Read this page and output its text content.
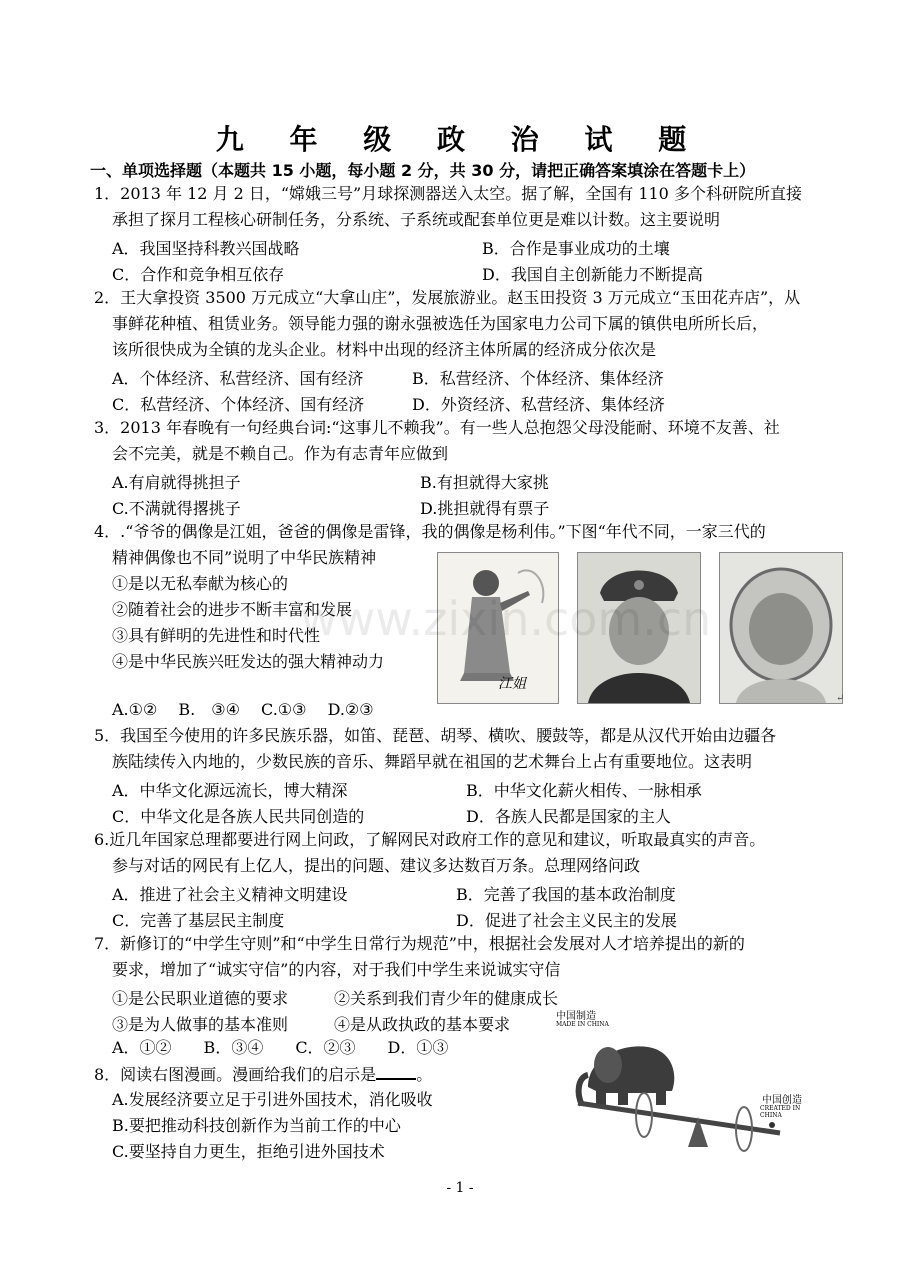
九 年 级 政 治 试 题
一、单项选择题（本题共 15 小题，每小题 2 分，共 30 分，请把正确答案填涂在答题卡上）
1．2013 年 12 月 2 日，“嫦娥三号”月球探测器送入太空。据了解，全国有 110 多个科研院所直接
承担了探月工程核心研制任务，分系统、子系统或配套单位更是难以计数。这主要说明
A．我国坚持科教兴国战略	B．合作是事业成功的土壤
C．合作和竞争相互依存	D．我国自主创新能力不断提高
2．王大拿投资 3500 万元成立“大拿山庄”，发展旅游业。赵玉田投资 3 万元成立“玉田花卉店”，从
事鲜花种植、租赁业务。领导能力强的谢永强被选任为国家电力公司下属的镇供电所所长后，
该所很快成为全镇的龙头企业。材料中出现的经济主体所属的经济成分依次是
A．个体经济、私营经济、国有经济	B．私营经济、个体经济、集体经济
C．私营经济、个体经济、国有经济	D．外资经济、私营经济、集体经济
3．2013 年春晚有一句经典台词:“这事儿不赖我”。有一些人总抱怨父母没能耐、环境不友善、社
会不完美，就是不赖自己。作为有志青年应做到
A.有肩就得挑担子	B.有担就得大家挑
C.不满就得撂挑子	D.挑担就得有票子
4．.“爷爷的偶像是江姐，爸爸的偶像是雷锋，我的偶像是杨利伟。”下图“年代不同，一家三代的
精神偶像也不同”说明了中华民族精神
①是以无私奉献为核心的
②随着社会的进步不断丰富和发展
③具有鲜明的先进性和时代性
④是中华民族兴旺发达的强大精神动力
A.①②　 B.　③④　 C.①③　 D.②③
江姐
www.zixin.com.cn
↵
5．我国至今使用的许多民族乐器，如笛、琵琶、胡琴、横吹、腰鼓等，都是从汉代开始由边疆各
族陆续传入内地的，少数民族的音乐、舞蹈早就在祖国的艺术舞台上占有重要地位。这表明
A．中华文化源远流长，博大精深	B．中华文化薪火相传、一脉相承
C．中华文化是各族人民共同创造的	D．各族人民都是国家的主人
6.近几年国家总理都要进行网上问政，了解网民对政府工作的意见和建议，听取最真实的声音。
参与对话的网民有上亿人，提出的问题、建议多达数百万条。总理网络问政
A．推进了社会主义精神文明建设	B．完善了我国的基本政治制度
C．完善了基层民主制度	D．促进了社会主义民主的发展
7．新修订的“中学生守则”和“中学生日常行为规范”中，根据社会发展对人才培养提出的新的
要求，增加了“诚实守信”的内容，对于我们中学生来说诚实守信
①是公民职业道德的要求	②关系到我们青少年的健康成长
③是为人做事的基本准则	④是从政执政的基本要求
A．①②　　B．③④　　C．②③　　D．①③
8．阅读右图漫画。漫画给我们的启示是	。
A.发展经济要立足于引进外国技术，消化吸收
B.要把推动科技创新作为当前工作的中心
C.要坚持自力更生，拒绝引进外国技术
中国制造
MADE IN CHINA
中国创造
CREATED IN CHINA
- 1 -
